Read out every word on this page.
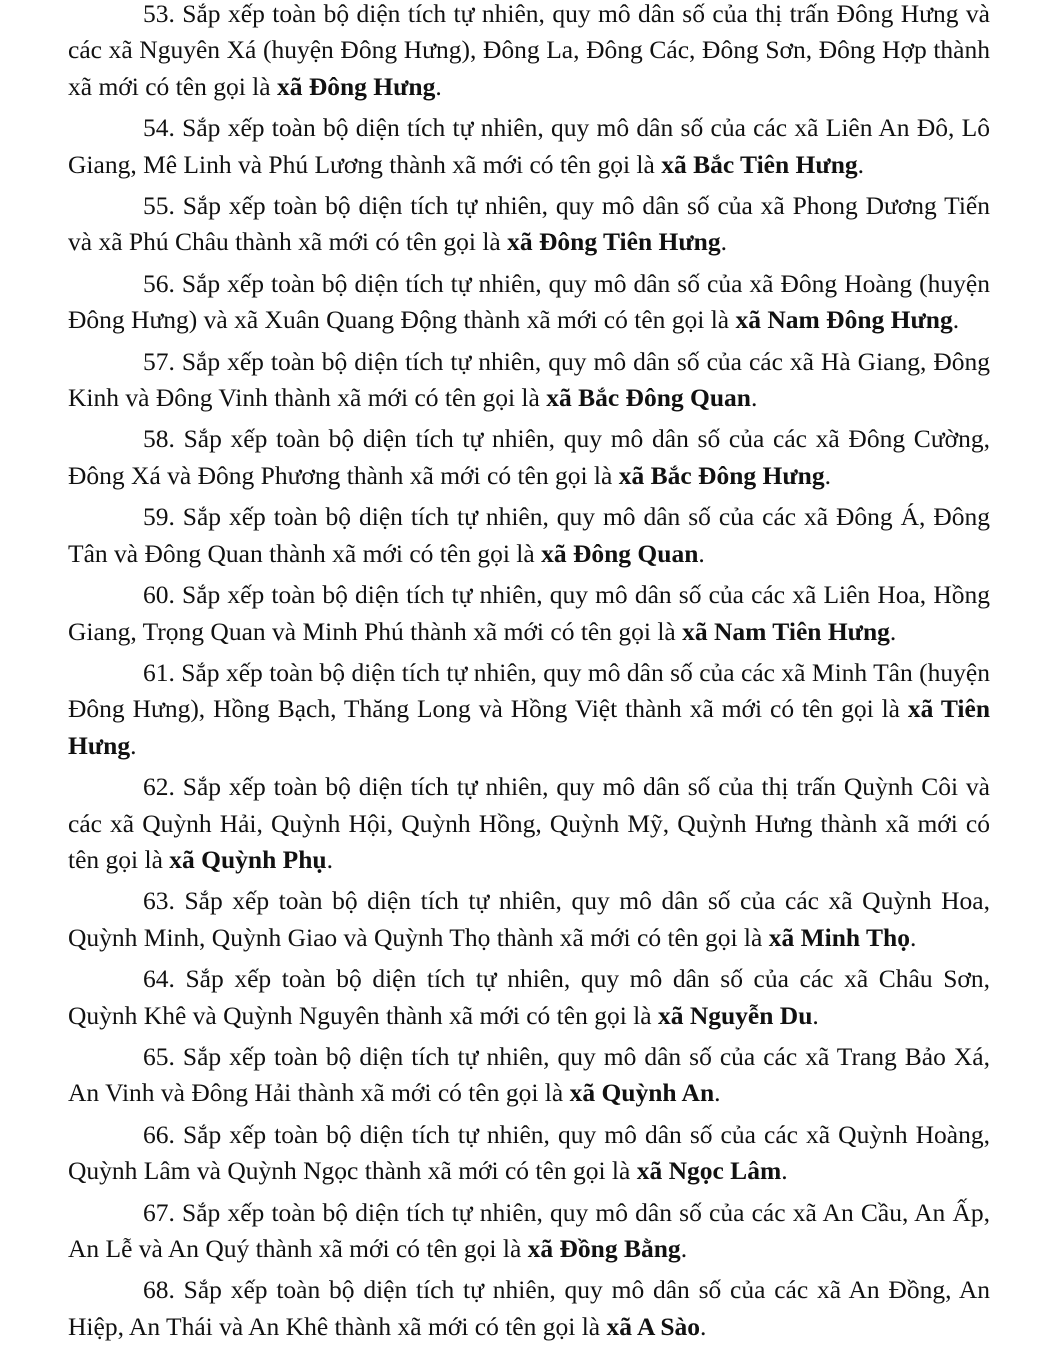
53. Sắp xếp toàn bộ diện tích tự nhiên, quy mô dân số của thị trấn Đông Hưng và các xã Nguyên Xá (huyện Đông Hưng), Đông La, Đông Các, Đông Sơn, Đông Hợp thành xã mới có tên gọi là xã Đông Hưng.

54. Sắp xếp toàn bộ diện tích tự nhiên, quy mô dân số của các xã Liên An Đô, Lô Giang, Mê Linh và Phú Lương thành xã mới có tên gọi là xã Bắc Tiên Hưng.

55. Sắp xếp toàn bộ diện tích tự nhiên, quy mô dân số của xã Phong Dương Tiến và xã Phú Châu thành xã mới có tên gọi là xã Đông Tiên Hưng.

56. Sắp xếp toàn bộ diện tích tự nhiên, quy mô dân số của xã Đông Hoàng (huyện Đông Hưng) và xã Xuân Quang Động thành xã mới có tên gọi là xã Nam Đông Hưng.

57. Sắp xếp toàn bộ diện tích tự nhiên, quy mô dân số của các xã Hà Giang, Đông Kinh và Đông Vinh thành xã mới có tên gọi là xã Bắc Đông Quan.

58. Sắp xếp toàn bộ diện tích tự nhiên, quy mô dân số của các xã Đông Cường, Đông Xá và Đông Phương thành xã mới có tên gọi là xã Bắc Đông Hưng.

59. Sắp xếp toàn bộ diện tích tự nhiên, quy mô dân số của các xã Đông Á, Đông Tân và Đông Quan thành xã mới có tên gọi là xã Đông Quan.

60. Sắp xếp toàn bộ diện tích tự nhiên, quy mô dân số của các xã Liên Hoa, Hồng Giang, Trọng Quan và Minh Phú thành xã mới có tên gọi là xã Nam Tiên Hưng.

61. Sắp xếp toàn bộ diện tích tự nhiên, quy mô dân số của các xã Minh Tân (huyện Đông Hưng), Hồng Bạch, Thăng Long và Hồng Việt thành xã mới có tên gọi là xã Tiên Hưng.

62. Sắp xếp toàn bộ diện tích tự nhiên, quy mô dân số của thị trấn Quỳnh Côi và các xã Quỳnh Hải, Quỳnh Hội, Quỳnh Hồng, Quỳnh Mỹ, Quỳnh Hưng thành xã mới có tên gọi là xã Quỳnh Phụ.

63. Sắp xếp toàn bộ diện tích tự nhiên, quy mô dân số của các xã Quỳnh Hoa, Quỳnh Minh, Quỳnh Giao và Quỳnh Thọ thành xã mới có tên gọi là xã Minh Thọ.

64. Sắp xếp toàn bộ diện tích tự nhiên, quy mô dân số của các xã Châu Sơn, Quỳnh Khê và Quỳnh Nguyên thành xã mới có tên gọi là xã Nguyễn Du.

65. Sắp xếp toàn bộ diện tích tự nhiên, quy mô dân số của các xã Trang Bảo Xá, An Vinh và Đông Hải thành xã mới có tên gọi là xã Quỳnh An.

66. Sắp xếp toàn bộ diện tích tự nhiên, quy mô dân số của các xã Quỳnh Hoàng, Quỳnh Lâm và Quỳnh Ngọc thành xã mới có tên gọi là xã Ngọc Lâm.

67. Sắp xếp toàn bộ diện tích tự nhiên, quy mô dân số của các xã An Cầu, An Ấp, An Lễ và An Quý thành xã mới có tên gọi là xã Đồng Bằng.

68. Sắp xếp toàn bộ diện tích tự nhiên, quy mô dân số của các xã An Đồng, An Hiệp, An Thái và An Khê thành xã mới có tên gọi là xã A Sào.
